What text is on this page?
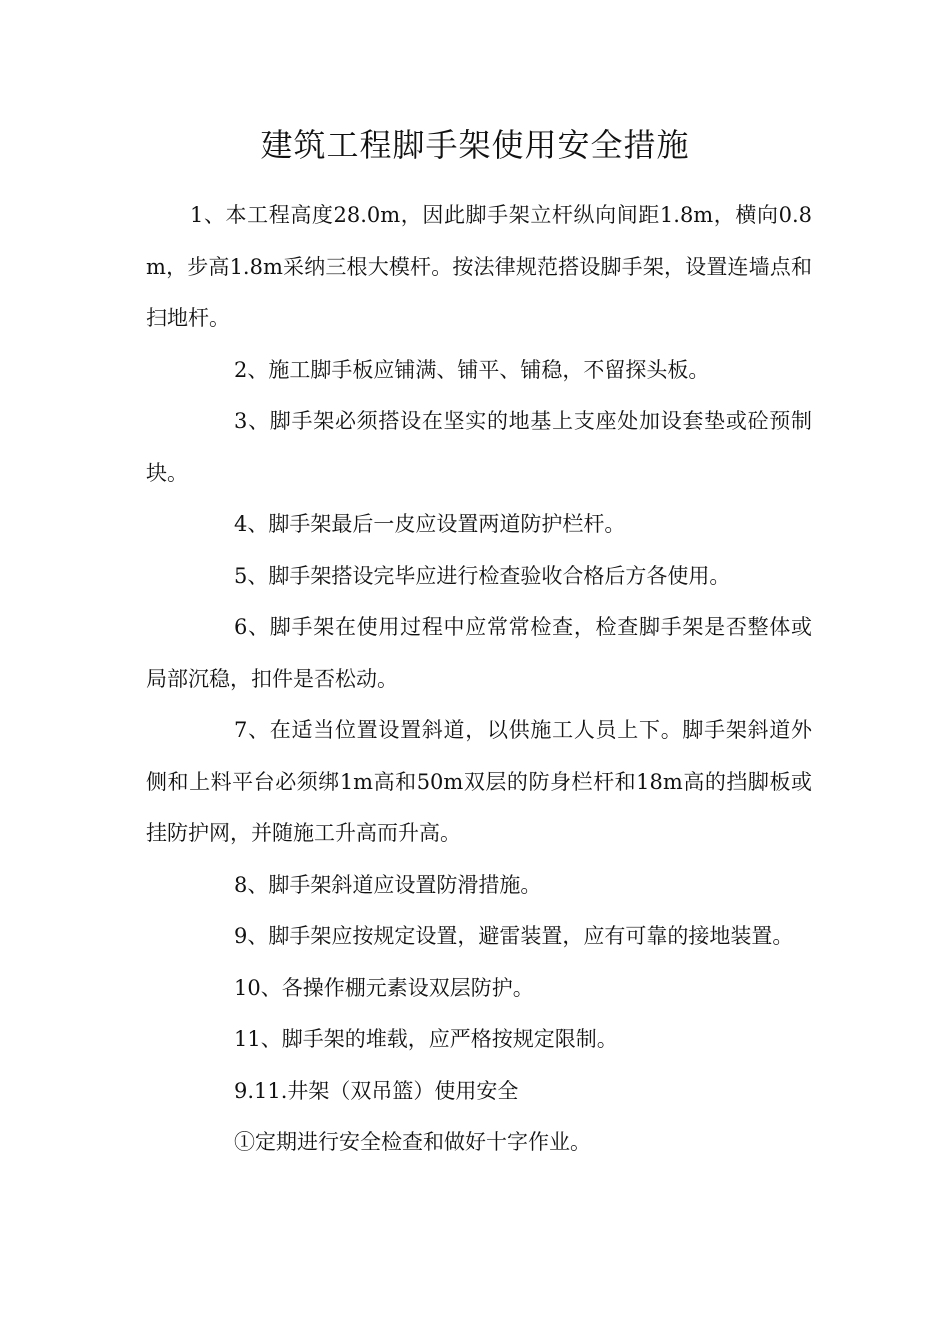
建筑工程脚手架使用安全措施

1、本工程高度28.0m，因此脚手架立杆纵向间距1.8m，横向0.8m，步高1.8m采纳三根大模杆。按法律规范搭设脚手架，设置连墙点和扫地杆。

2、施工脚手板应铺满、铺平、铺稳，不留探头板。

3、脚手架必须搭设在坚实的地基上支座处加设套垫或砼预制块。

4、脚手架最后一皮应设置两道防护栏杆。

5、脚手架搭设完毕应进行检查验收合格后方各使用。

6、脚手架在使用过程中应常常检查，检查脚手架是否整体或局部沉稳，扣件是否松动。

7、在适当位置设置斜道，以供施工人员上下。脚手架斜道外侧和上料平台必须绑1m高和50m双层的防身栏杆和18m高的挡脚板或挂防护网，并随施工升高而升高。

8、脚手架斜道应设置防滑措施。

9、脚手架应按规定设置，避雷装置，应有可靠的接地装置。

10、各操作棚元素设双层防护。

11、脚手架的堆载，应严格按规定限制。

9.11.井架（双吊篮）使用安全

①定期进行安全检查和做好十字作业。
